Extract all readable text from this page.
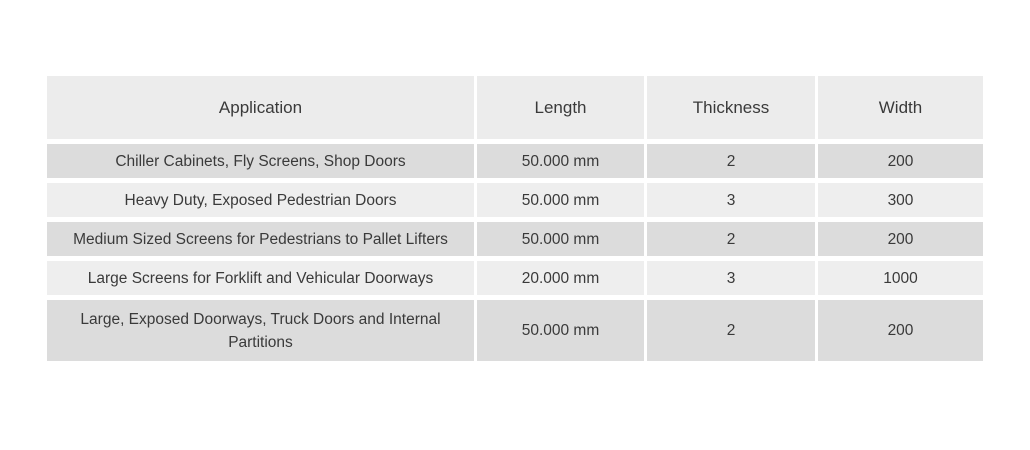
Application	Length	Thickness	Width
Chiller Cabinets, Fly Screens, Shop Doors	50.000 mm	2	200
Heavy Duty, Exposed Pedestrian Doors	50.000 mm	3	300
Medium Sized Screens for Pedestrians to Pallet Lifters	50.000 mm	2	200
Large Screens for Forklift and Vehicular Doorways	20.000 mm	3	1000
Large, Exposed Doorways, Truck Doors and Internal Partitions	50.000 mm	2	200
